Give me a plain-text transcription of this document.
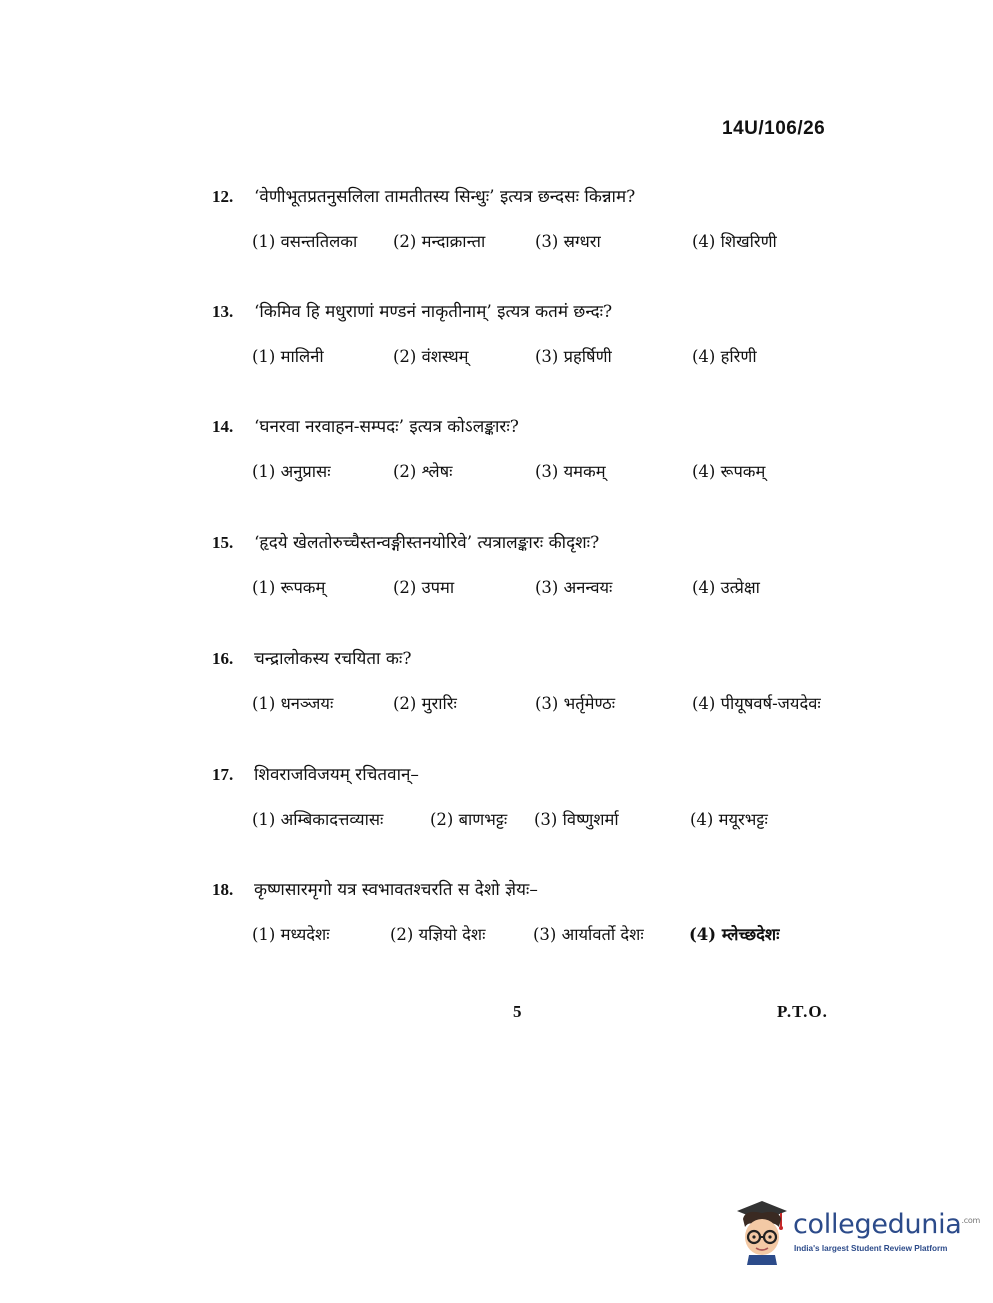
14U/106/26
12.	‘वेणीभूतप्रतनुसलिला तामतीतस्य सिन्धुः’ इत्यत्र छन्दसः किन्नाम?
(1) वसन्ततिलका (2) मन्दाक्रान्ता	(3) स्रग्धरा	(4) शिखरिणी
13.	‘किमिव हि मधुराणां मण्डनं नाकृतीनाम्’ इत्यत्र कतमं छन्दः?
(1) मालिनी	(2) वंशस्थम्	(3) प्रहर्षिणी	(4) हरिणी
14.	‘घनरवा नरवाहन-सम्पदः’ इत्यत्र कोऽलङ्कारः?
(1) अनुप्रासः	(2) श्लेषः	(3) यमकम्	(4) रूपकम्
15.	‘हृदये खेलतोरुच्चैस्तन्वङ्गीस्तनयोरिवे’ त्यत्रालङ्कारः कीदृशः?
(1) रूपकम्	(2) उपमा	(3) अनन्वयः	(4) उत्प्रेक्षा
16.	चन्द्रालोकस्य रचयिता कः?
(1) धनञ्जयः	(2) मुरारिः	(3) भर्तृमेण्ठः	(4) पीयूषवर्ष-जयदेवः
17.	शिवराजविजयम् रचितवान्–
(1) अम्बिकादत्तव्यासः	(2) बाणभट्टः (3) विष्णुशर्मा	(4) मयूरभट्टः
18.	कृष्णसारमृगो यत्र स्वभावतश्चरति स देशो ज्ञेयः–
(1) मध्यदेशः	(2) यज्ञियो देशः	(3) आर्यावर्तो देशः	(4) म्लेच्छदेशः
5	P.T.O.
collegedunia$^{.com}$
India's largest Student Review Platform
